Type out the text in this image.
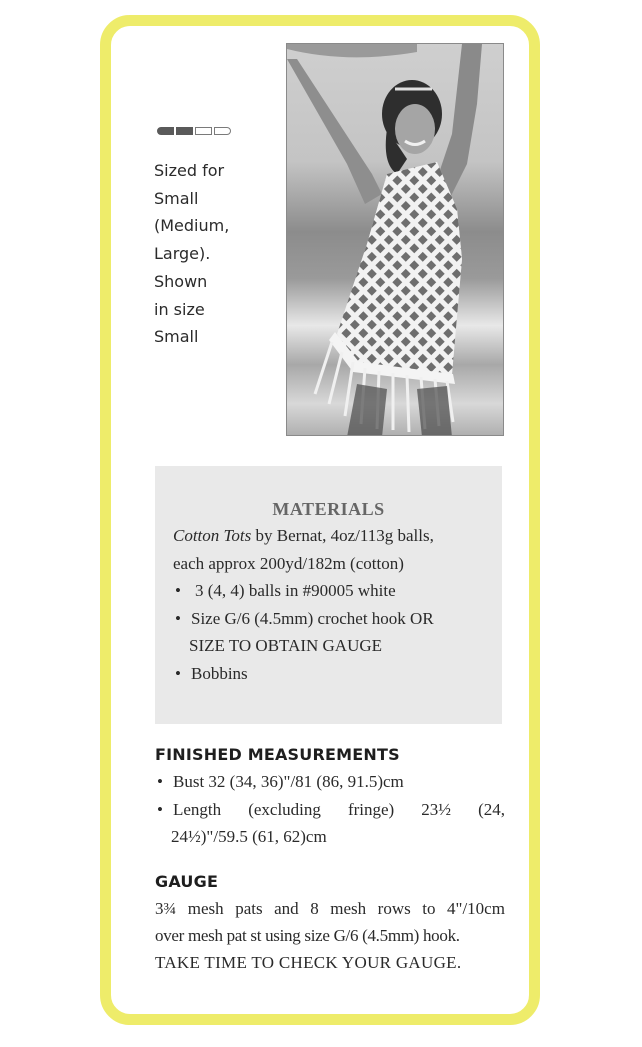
Sized for
Small
(Medium,
Large).
Shown
in size
Small
MATERIALS
Cotton Tots by Bernat, 4oz/113g balls,
each approx 200yd/182m (cotton)
• 3 (4, 4) balls in #90005 white
• Size G/6 (4.5mm) crochet hook OR
SIZE TO OBTAIN GAUGE
• Bobbins
FINISHED MEASUREMENTS
• Bust 32 (34, 36)"/81 (86, 91.5)cm
• Length (excluding fringe) 23½ (24,
24½)"/59.5 (61, 62)cm
GAUGE
3¾ mesh pats and 8 mesh rows to 4"/10cm
over mesh pat st using size G/6 (4.5mm) hook.
TAKE TIME TO CHECK YOUR GAUGE.
